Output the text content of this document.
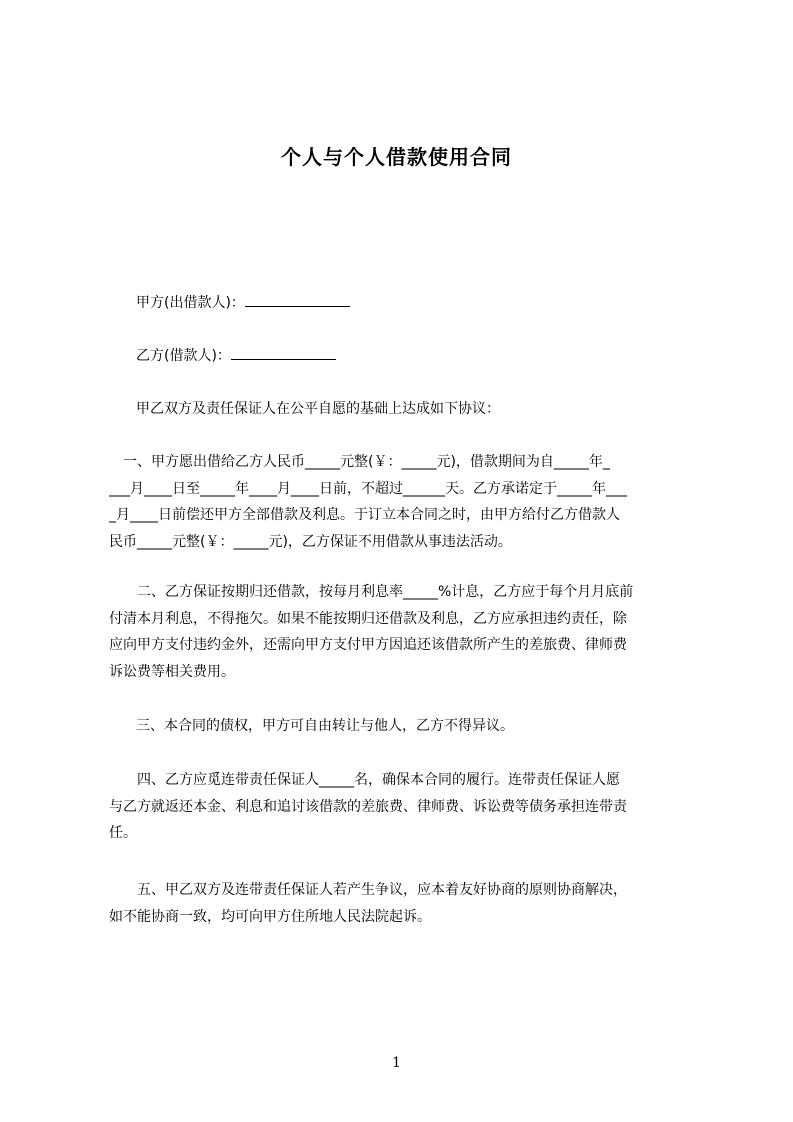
个人与个人借款使用合同
甲方(出借款人)：
乙方(借款人)：
甲乙双方及责任保证人在公平自愿的基础上达成如下协议：
　一、甲方愿出借给乙方人民币_____元整(￥：_____元)，借款期间为自_____年_
___月____日至_____年____月____日前，不超过______天。乙方承诺定于_____年___
_月____日前偿还甲方全部借款及利息。于订立本合同之时，由甲方给付乙方借款人
民币_____元整(￥：_____元)，乙方保证不用借款从事违法活动。
　　二、乙方保证按期归还借款，按每月利息率_____%计息，乙方应于每个月月底前
付清本月利息，不得拖欠。如果不能按期归还借款及利息，乙方应承担违约责任，除
应向甲方支付违约金外，还需向甲方支付甲方因追还该借款所产生的差旅费、律师费
诉讼费等相关费用。
三、本合同的债权，甲方可自由转让与他人，乙方不得异议。
　　四、乙方应觅连带责任保证人_____名，确保本合同的履行。连带责任保证人愿
与乙方就返还本金、利息和追讨该借款的差旅费、律师费、诉讼费等债务承担连带责
任。
　　五、甲乙双方及连带责任保证人若产生争议，应本着友好协商的原则协商解决，
如不能协商一致，均可向甲方住所地人民法院起诉。
1
